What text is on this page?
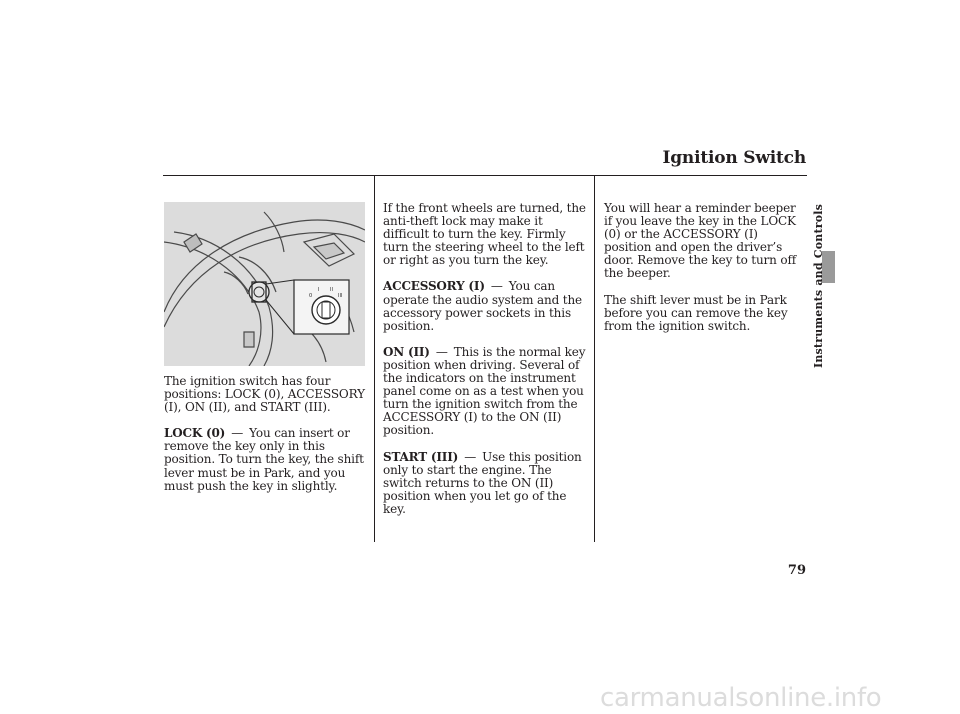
Ignition Switch
0
I II
III

The ignition switch has four positions: LOCK (0), ACCESSORY (I), ON (II), and START (III).

LOCK (0) — You can insert or remove the key only in this position. To turn the key, the shift lever must be in Park, and you must push the key in slightly.

If the front wheels are turned, the anti-theft lock may make it difficult to turn the key. Firmly turn the steering wheel to the left or right as you turn the key.

ACCESSORY (I) — You can operate the audio system and the accessory power sockets in this position.

ON (II) — This is the normal key position when driving. Several of the indicators on the instrument panel come on as a test when you turn the ignition switch from the ACCESSORY (I) to the ON (II) position.

START (III) — Use this position only to start the engine. The switch returns to the ON (II) position when you let go of the key.

You will hear a reminder beeper if you leave the key in the LOCK (0) or the ACCESSORY (I) position and open the driver’s door. Remove the key to turn off the beeper.

The shift lever must be in Park before you can remove the key from the ignition switch.	Instruments and Controls
79
carmanualsonline.info
